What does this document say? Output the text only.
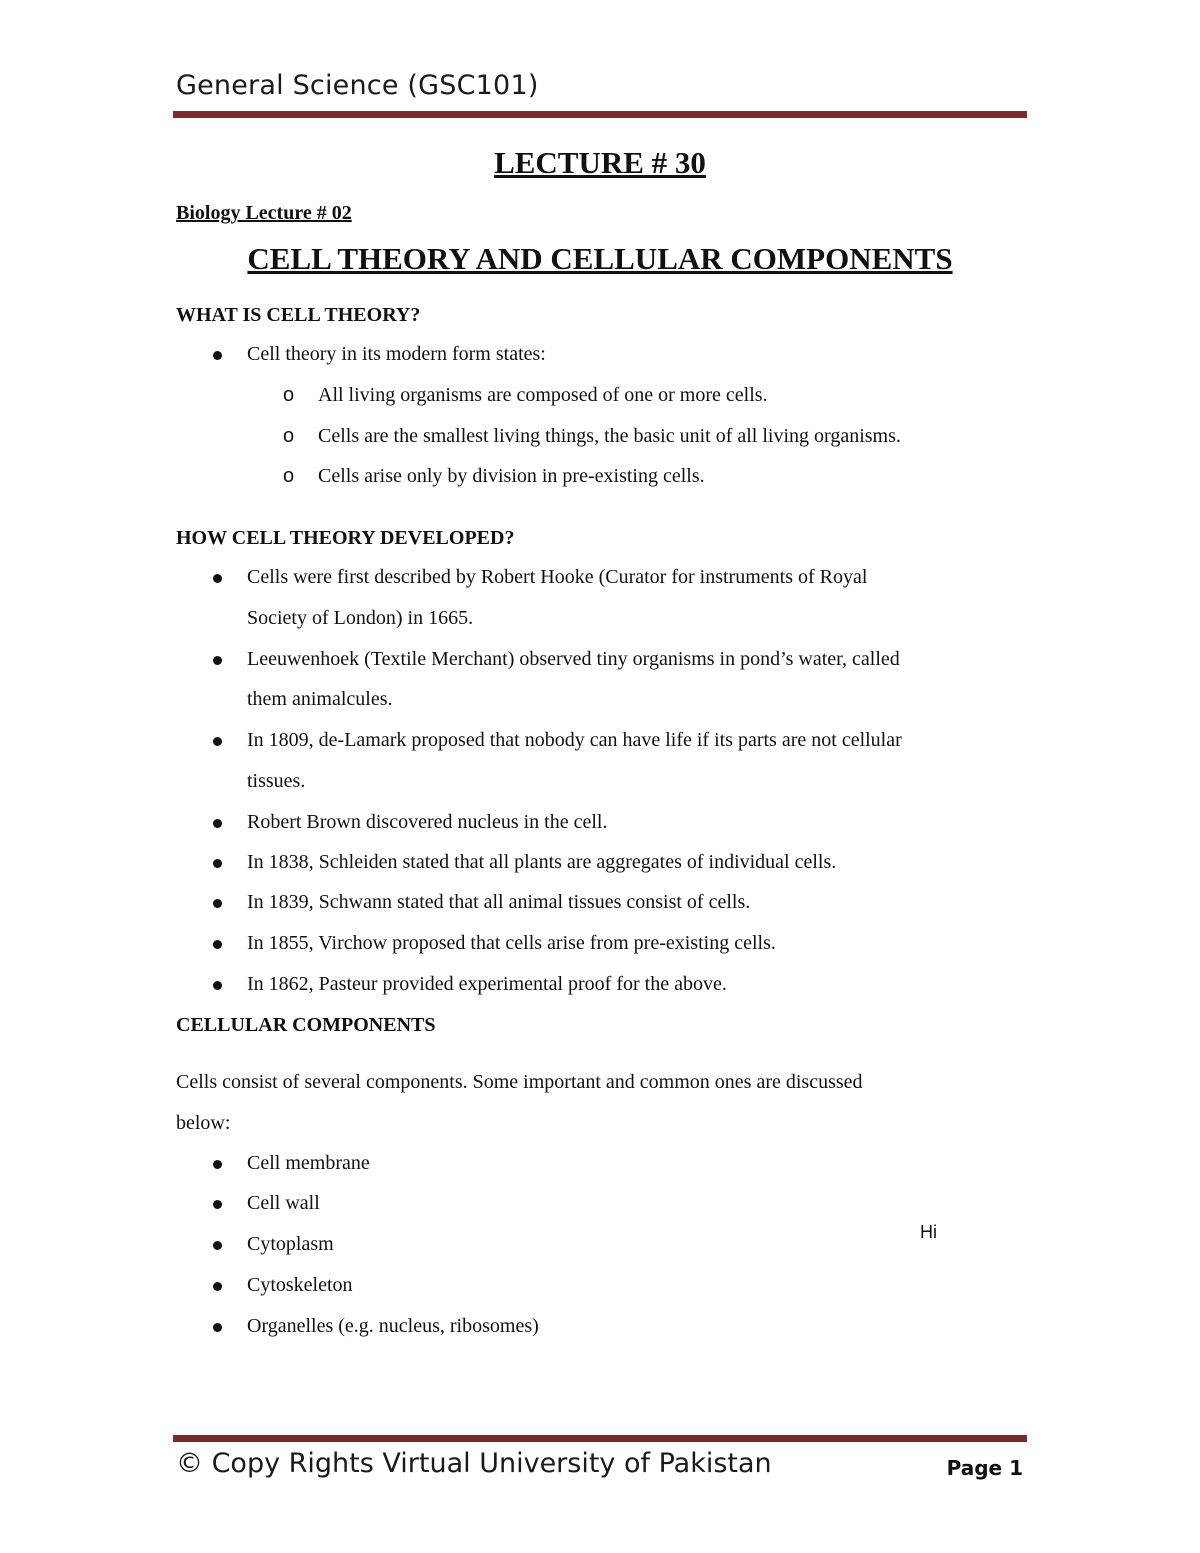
General Science (GSC101)
LECTURE # 30
Biology Lecture # 02
CELL THEORY AND CELLULAR COMPONENTS
WHAT IS CELL THEORY?
Cell theory in its modern form states:
o All living organisms are composed of one or more cells.
o Cells are the smallest living things, the basic unit of all living organisms.
o Cells arise only by division in pre-existing cells.
HOW CELL THEORY DEVELOPED?
Cells were first described by Robert Hooke (Curator for instruments of Royal
Society of London) in 1665.
Leeuwenhoek (Textile Merchant) observed tiny organisms in pond’s water, called
them animalcules.
In 1809, de-Lamark proposed that nobody can have life if its parts are not cellular
tissues.
Robert Brown discovered nucleus in the cell.
In 1838, Schleiden stated that all plants are aggregates of individual cells.
In 1839, Schwann stated that all animal tissues consist of cells.
In 1855, Virchow proposed that cells arise from pre-existing cells.
In 1862, Pasteur provided experimental proof for the above.
CELLULAR COMPONENTS
Cells consist of several components. Some important and common ones are discussed
below:
Cell membrane
Cell wall
Cytoplasm
Cytoskeleton
Organelles (e.g. nucleus, ribosomes)
Hi
© Copy Rights Virtual University of Pakistan	Page 1
